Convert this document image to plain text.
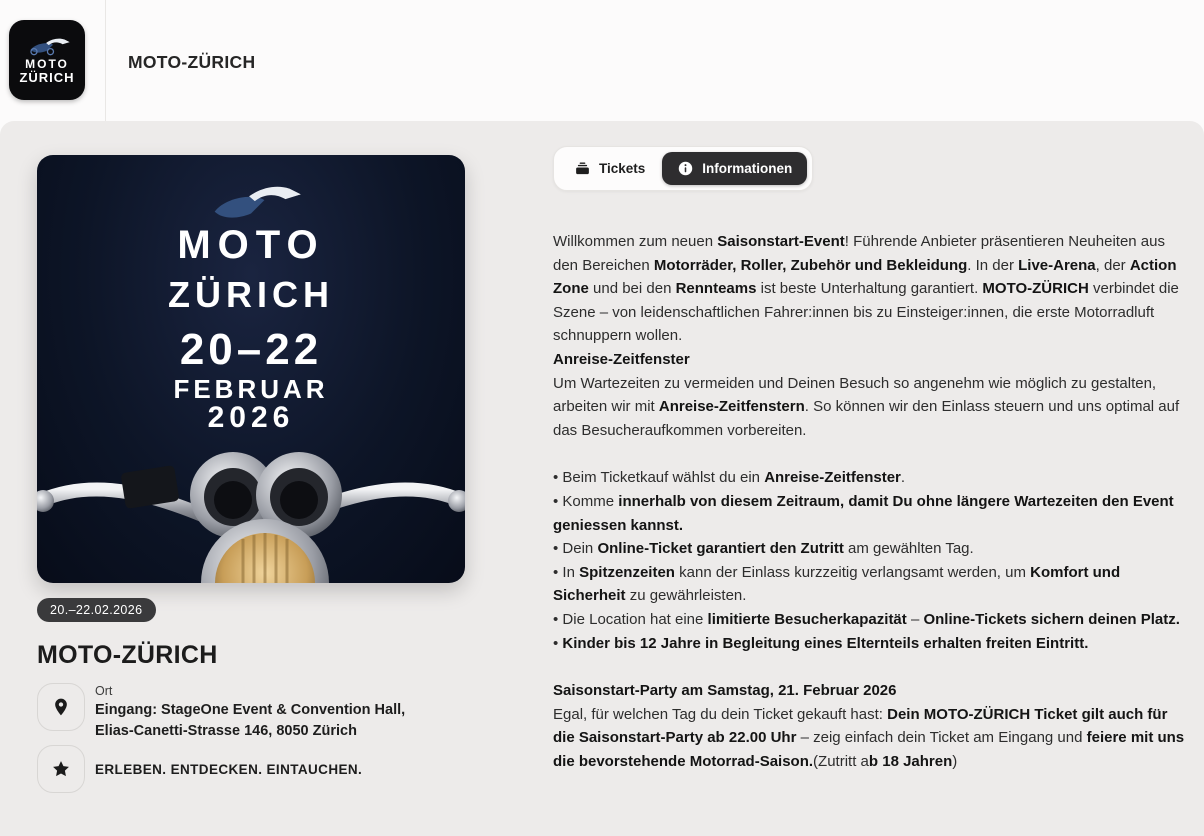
MOTO
ZÜRICH
MOTO-ZÜRICH
MOTO
ZÜRICH
20–22
FEBRUAR
2026
20.–22.02.2026
MOTO-ZÜRICH
Ort
Eingang: StageOne Event & Convention Hall, Elias-Canetti-Strasse 146, 8050 Zürich
ERLEBEN. ENTDECKEN. EINTAUCHEN.
Tickets	Informationen
Willkommen zum neuen Saisonstart-Event! Führende Anbieter präsentieren Neuheiten aus den Bereichen Motorräder, Roller, Zubehör und Bekleidung. In der Live-Arena, der Action Zone und bei den Rennteams ist beste Unterhaltung garantiert. MOTO-ZÜRICH verbindet die Szene – von leidenschaftlichen Fahrer:innen bis zu Einsteiger:innen, die erste Motorradluft schnuppern wollen.
Anreise-Zeitfenster
Um Wartezeiten zu vermeiden und Deinen Besuch so angenehm wie möglich zu gestalten, arbeiten wir mit Anreise-Zeitfenstern. So können wir den Einlass steuern und uns optimal auf das Besucheraufkommen vorbereiten.
• Beim Ticketkauf wählst du ein Anreise-Zeitfenster.
• Komme innerhalb von diesem Zeitraum, damit Du ohne längere Wartezeiten den Event geniessen kannst.
• Dein Online-Ticket garantiert den Zutritt am gewählten Tag.
• In Spitzenzeiten kann der Einlass kurzzeitig verlangsamt werden, um Komfort und Sicherheit zu gewährleisten.
• Die Location hat eine limitierte Besucherkapazität – Online-Tickets sichern deinen Platz.
• Kinder bis 12 Jahre in Begleitung eines Elternteils erhalten freiten Eintritt.
Saisonstart-Party am Samstag, 21. Februar 2026
Egal, für welchen Tag du dein Ticket gekauft hast: Dein MOTO-ZÜRICH Ticket gilt auch für die Saisonstart-Party ab 22.00 Uhr – zeig einfach dein Ticket am Eingang und feiere mit uns die bevorstehende Motorrad-Saison.(Zutritt ab 18 Jahren)
